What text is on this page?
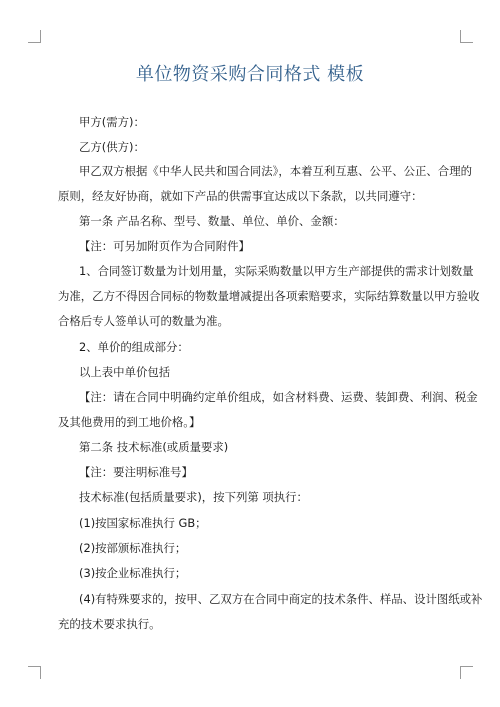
单位物资采购合同格式 模板
甲方(需方)：
乙方(供方)：
甲乙双方根据《中华人民共和国合同法》，本着互利互惠、公平、公正、合理的
原则，经友好协商，就如下产品的供需事宜达成以下条款，以共同遵守：
第一条 产品名称、型号、数量、单位、单价、金额：
【注：可另加附页作为合同附件】
1、合同签订数量为计划用量，实际采购数量以甲方生产部提供的需求计划数量
为准，乙方不得因合同标的物数量增减提出各项索赔要求，实际结算数量以甲方验收
合格后专人签单认可的数量为准。
2、单价的组成部分：
以上表中单价包括
【注：请在合同中明确约定单价组成，如含材料费、运费、装卸费、利润、税金
及其他费用的到工地价格。】
第二条 技术标准(或质量要求)
【注：要注明标准号】
技术标准(包括质量要求)，按下列第 项执行：
(1)按国家标准执行 GB；
(2)按部颁标准执行；
(3)按企业标准执行；
(4)有特殊要求的，按甲、乙双方在合同中商定的技术条件、样品、设计图纸或补
充的技术要求执行。
